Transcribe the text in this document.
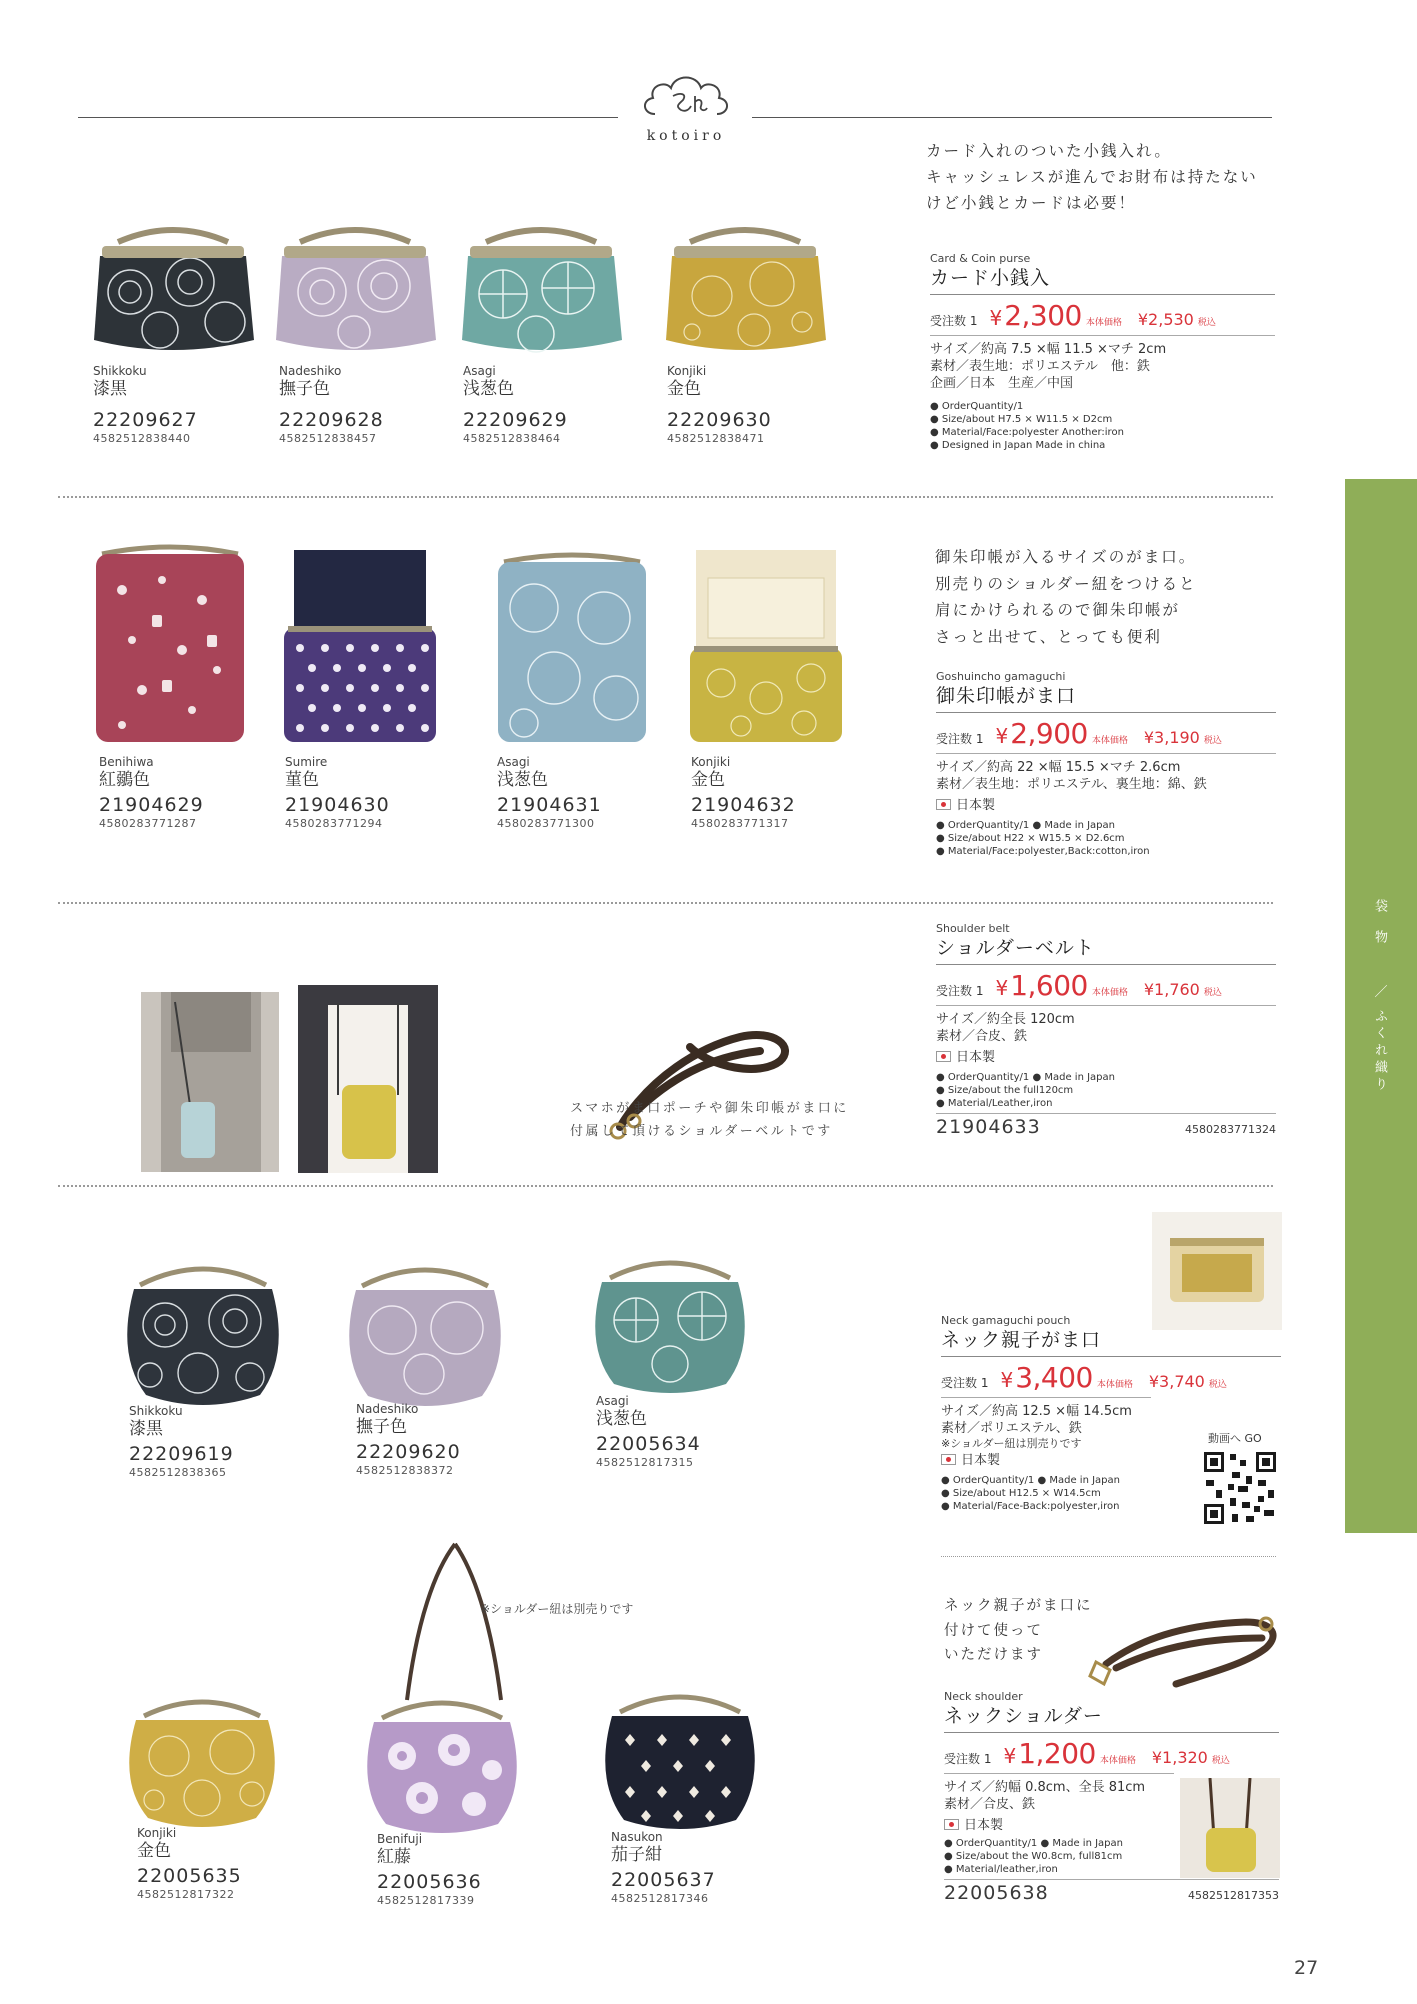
kotoiro
袋物
／
ふくれ織り
Shikkoku
漆黒
22209627
4582512838440
Nadeshiko
撫子色
22209628
4582512838457
Asagi
浅葱色
22209629
4582512838464
Konjiki
金色
22209630
4582512838471
カード入れのついた小銭入れ。
キャッシュレスが進んでお財布は持たない
けど小銭とカードは必要！
Card & Coin purse
カード小銭入
受注数 1 ¥ 2,300 本体価格 ¥2,530 税込
サイズ／約高 7.5 ×幅 11.5 ×マチ 2cm
素材／表生地：ポリエステル　他：鉄
企画／日本　生産／中国
● OrderQuantity/1
● Size/about H7.5 × W11.5 × D2cm
● Material/Face:polyester Another:iron
● Designed in Japan Made in china
Benihiwa
紅鶸色
21904629
4580283771287
Sumire
菫色
21904630
4580283771294
Asagi
浅葱色
21904631
4580283771300
Konjiki
金色
21904632
4580283771317
御朱印帳が入るサイズのがま口。
別売りのショルダー紐をつけると
肩にかけられるので御朱印帳が
さっと出せて、とっても便利
Goshuincho gamaguchi
御朱印帳がま口
受注数 1 ¥ 2,900 本体価格 ¥3,190 税込
サイズ／約高 22 ×幅 15.5 ×マチ 2.6cm
素材／表生地：ポリエステル、裏生地：綿、鉄
日本製
● OrderQuantity/1 ● Made in Japan
● Size/about H22 × W15.5 × D2.6cm
● Material/Face:polyester,Back:cotton,iron
スマホがま口ポーチや御朱印帳がま口に
付属して頂けるショルダーベルトです
Shoulder belt
ショルダーベルト
受注数 1 ¥ 1,600 本体価格 ¥1,760 税込
サイズ／約全長 120cm
素材／合皮、鉄
日本製
● OrderQuantity/1 ● Made in Japan
● Size/about the full120cm
● Material/Leather,iron
21904633	4580283771324
Shikkoku
漆黒
22209619
4582512838365
Nadeshiko
撫子色
22209620
4582512838372
Asagi
浅葱色
22005634
4582512817315
※ショルダー紐は別売りです
Konjiki
金色
22005635
4582512817322
Benifuji
紅藤
22005636
4582512817339
Nasukon
茄子紺
22005637
4582512817346
Neck gamaguchi pouch
ネック親子がま口
受注数 1 ¥ 3,400 本体価格 ¥3,740 税込
サイズ／約高 12.5 ×幅 14.5cm
素材／ポリエステル、鉄
※ショルダー紐は別売りです
日本製
● OrderQuantity/1 ● Made in Japan
● Size/about H12.5 × W14.5cm
● Material/Face-Back:polyester,iron
動画へ GO
ネック親子がま口に
付けて使って
いただけます
Neck shoulder
ネックショルダー
受注数 1 ¥ 1,200 本体価格 ¥1,320 税込
サイズ／約幅 0.8cm、全長 81cm
素材／合皮、鉄
日本製
● OrderQuantity/1 ● Made in Japan
● Size/about the W0.8cm, full81cm
● Material/leather,iron
22005638	4582512817353
27
